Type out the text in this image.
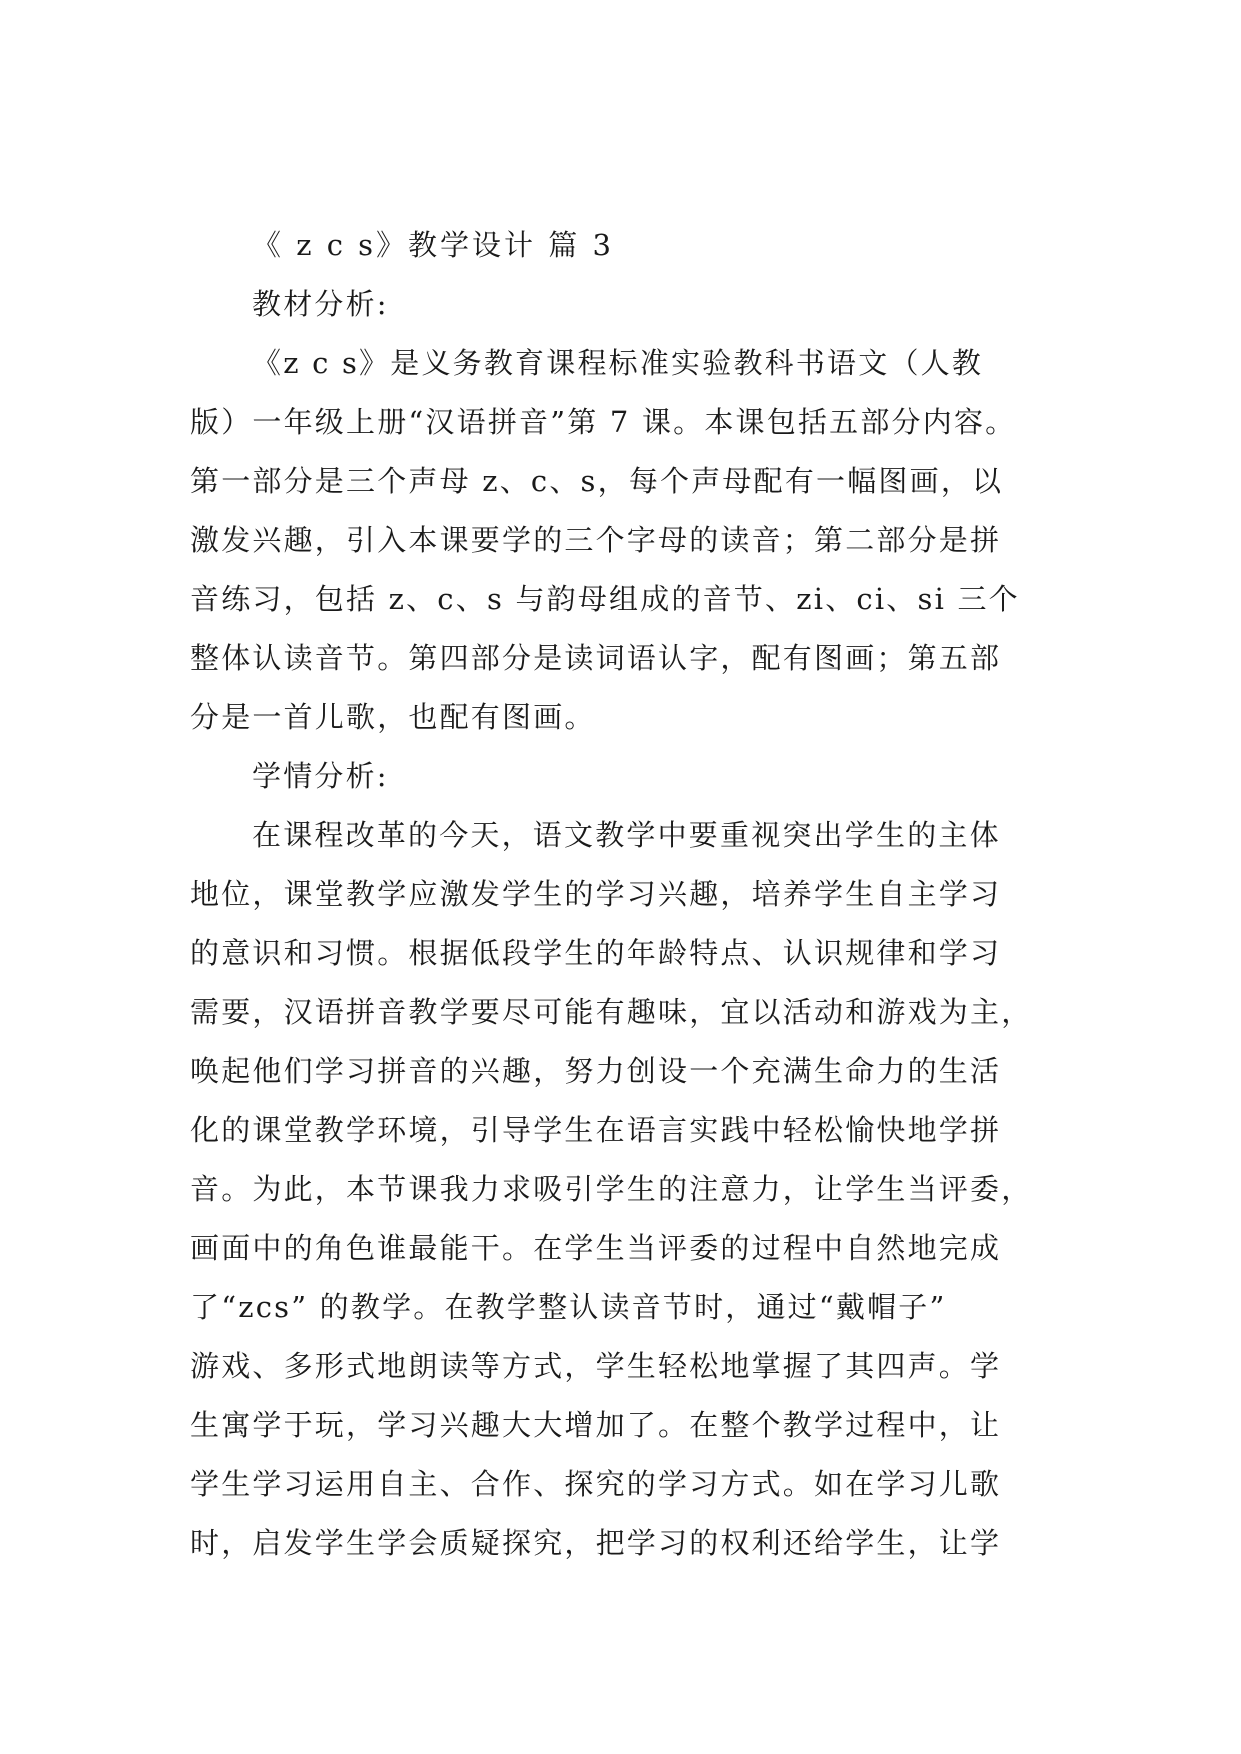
《 z c s》教学设计 篇 3
教材分析:
《z c s》是义务教育课程标准实验教科书语文（人教
版）一年级上册“汉语拼音”第 7 课。本课包括五部分内容。
第一部分是三个声母 z、c、s，每个声母配有一幅图画，以
激发兴趣，引入本课要学的三个字母的读音；第二部分是拼
音练习，包括 z、c、s 与韵母组成的音节、zi、ci、si 三个
整体认读音节。第四部分是读词语认字，配有图画；第五部
分是一首儿歌，也配有图画。
学情分析:
在课程改革的今天，语文教学中要重视突出学生的主体
地位，课堂教学应激发学生的学习兴趣，培养学生自主学习
的意识和习惯。根据低段学生的年龄特点、认识规律和学习
需要，汉语拼音教学要尽可能有趣味，宜以活动和游戏为主，
唤起他们学习拼音的兴趣，努力创设一个充满生命力的生活
化的课堂教学环境，引导学生在语言实践中轻松愉快地学拼
音。为此，本节课我力求吸引学生的注意力，让学生当评委，
画面中的角色谁最能干。在学生当评委的过程中自然地完成
了“zcs” 的教学。在教学整认读音节时，通过“戴帽子”
游戏、多形式地朗读等方式，学生轻松地掌握了其四声。学
生寓学于玩，学习兴趣大大增加了。在整个教学过程中，让
学生学习运用自主、合作、探究的学习方式。如在学习儿歌
时，启发学生学会质疑探究，把学习的权利还给学生，让学
